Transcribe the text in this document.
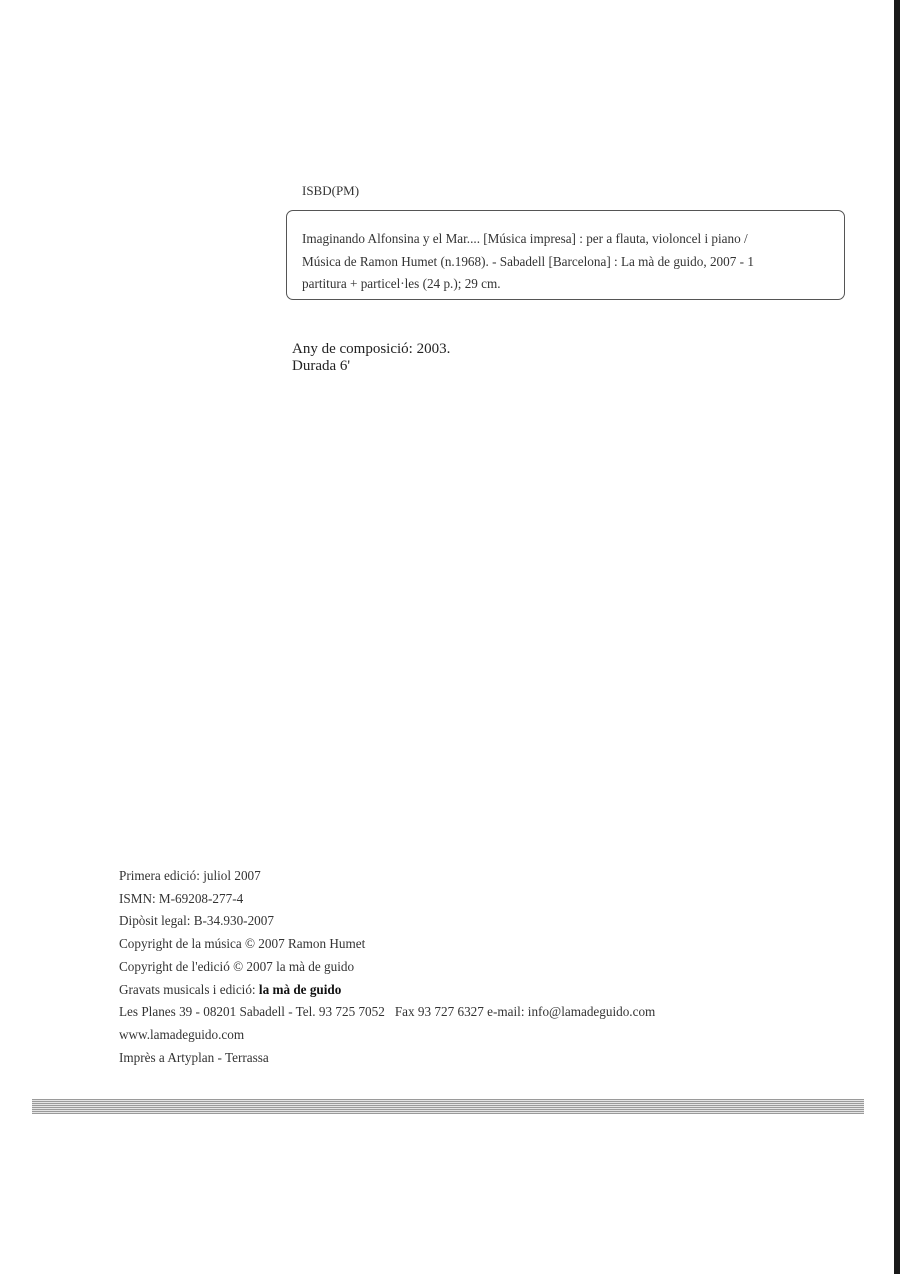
ISBD(PM)
Imaginando Alfonsina y el Mar.... [Música impresa] : per a flauta, violoncel i piano /
Música de Ramon Humet (n.1968). - Sabadell [Barcelona] : La mà de guido, 2007 - 1
partitura + particel·les (24 p.); 29 cm.
Any de composició: 2003.
Durada 6'
Primera edició: juliol 2007
ISMN: M-69208-277-4
Dipòsit legal: B-34.930-2007
Copyright de la música © 2007 Ramon Humet
Copyright de l'edició © 2007 la mà de guido
Gravats musicals i edició: la mà de guido
Les Planes 39 - 08201 Sabadell - Tel. 93 725 7052 Fax 93 727 6327 e-mail: info@lamadeguido.com
www.lamadeguido.com
Imprès a Artyplan - Terrassa
